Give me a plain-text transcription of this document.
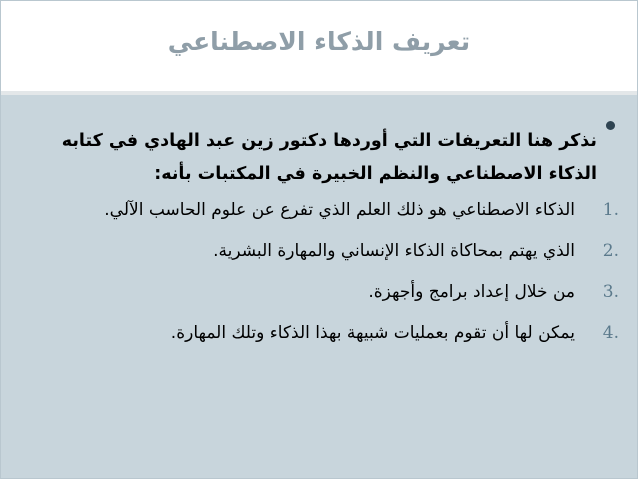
تعريف الذكاء الاصطناعي

نذكر هنا التعريفات التي أوردها دكتور زين عبد الهادي في كتابه الذكاء الاصطناعي والنظم الخبيرة في المكتبات بأنه:

1.
الذكاء الاصطناعي هو ذلك العلم الذي تفرع عن علوم الحاسب الآلي.
2.
الذي يهتم بمحاكاة الذكاء الإنساني والمهارة البشرية.
3.
من خلال إعداد برامج وأجهزة.
4.
يمكن لها أن تقوم بعمليات شبيهة بهذا الذكاء وتلك المهارة.
